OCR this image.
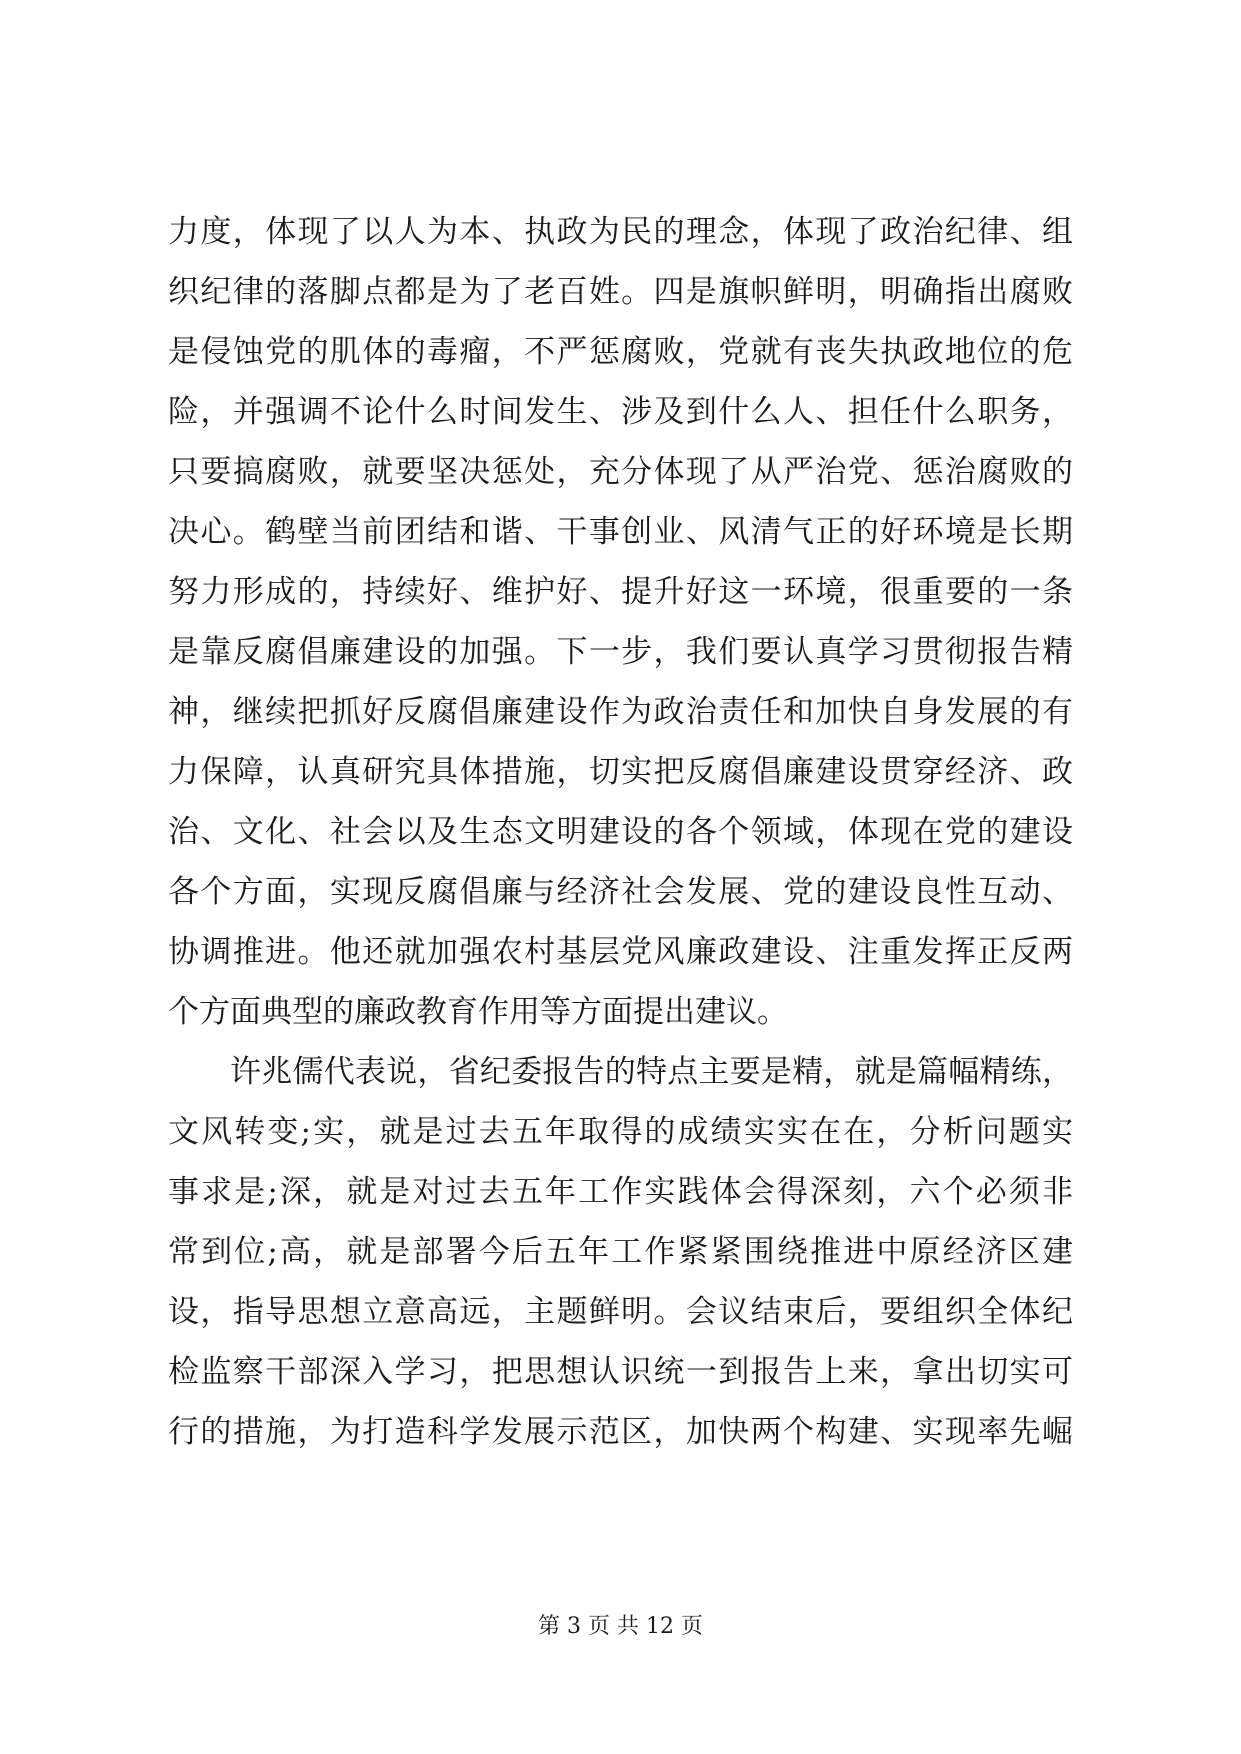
力度，体现了以人为本、执政为民的理念，体现了政治纪律、组
织纪律的落脚点都是为了老百姓。四是旗帜鲜明，明确指出腐败
是侵蚀党的肌体的毒瘤，不严惩腐败，党就有丧失执政地位的危
险，并强调不论什么时间发生、涉及到什么人、担任什么职务，
只要搞腐败，就要坚决惩处，充分体现了从严治党、惩治腐败的
决心。鹤壁当前团结和谐、干事创业、风清气正的好环境是长期
努力形成的，持续好、维护好、提升好这一环境，很重要的一条
是靠反腐倡廉建设的加强。下一步，我们要认真学习贯彻报告精
神，继续把抓好反腐倡廉建设作为政治责任和加快自身发展的有
力保障，认真研究具体措施，切实把反腐倡廉建设贯穿经济、政
治、文化、社会以及生态文明建设的各个领域，体现在党的建设
各个方面，实现反腐倡廉与经济社会发展、党的建设良性互动、
协调推进。他还就加强农村基层党风廉政建设、注重发挥正反两
个方面典型的廉政教育作用等方面提出建议。
许兆儒代表说，省纪委报告的特点主要是精，就是篇幅精练，
文风转变;实，就是过去五年取得的成绩实实在在，分析问题实
事求是;深，就是对过去五年工作实践体会得深刻，六个必须非
常到位;高，就是部署今后五年工作紧紧围绕推进中原经济区建
设，指导思想立意高远，主题鲜明。会议结束后，要组织全体纪
检监察干部深入学习，把思想认识统一到报告上来，拿出切实可
行的措施，为打造科学发展示范区，加快两个构建、实现率先崛
第 3 页 共 12 页
